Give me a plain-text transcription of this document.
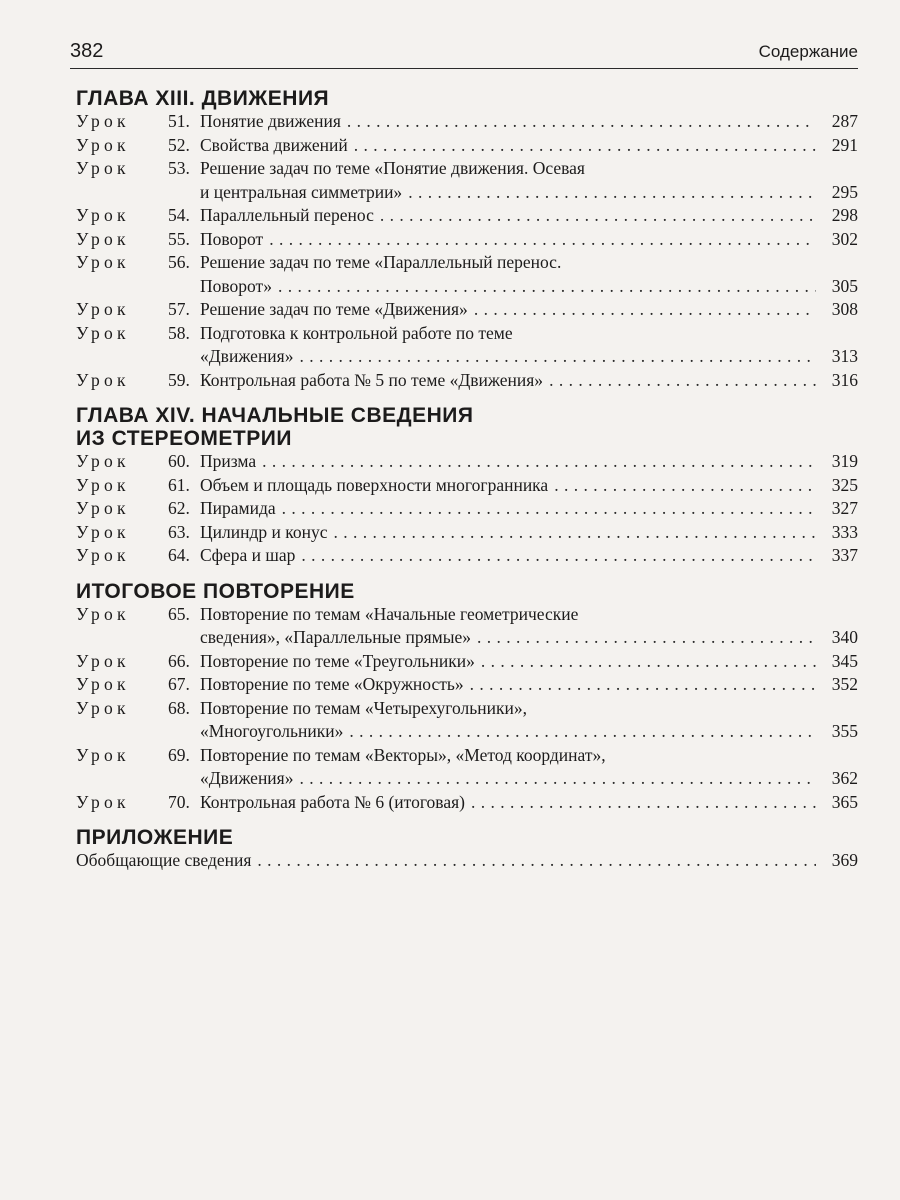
382	Содержание
ГЛАВА XIII. ДВИЖЕНИЯ
Урок	51. Понятие движения . . .	287
Урок	52. Свойства движений . . .	291
Урок	53. Решение задач по теме «Понятие движения. Осевая
и центральная симметрии» . . .	295
Урок	54. Параллельный перенос . . .	298
Урок	55. Поворот . . .	302
Урок	56. Решение задач по теме «Параллельный перенос.
Поворот» . . .	305
Урок	57. Решение задач по теме «Движения» . . .	308
Урок	58. Подготовка к контрольной работе по теме
«Движения» . . .	313
Урок	59. Контрольная работа № 5 по теме «Движения» . . .	316
ГЛАВА XIV. НАЧАЛЬНЫЕ СВЕДЕНИЯ
ИЗ СТЕРЕОМЕТРИИ
Урок	60. Призма . . .	319
Урок	61. Объем и площадь поверхности многогранника . . .	325
Урок	62. Пирамида . . .	327
Урок	63. Цилиндр и конус . . .	333
Урок	64. Сфера и шар . . .	337
ИТОГОВОЕ ПОВТОРЕНИЕ
Урок	65. Повторение по темам «Начальные геометрические
сведения», «Параллельные прямые» . . .	340
Урок	66. Повторение по теме «Треугольники» . . .	345
Урок	67. Повторение по теме «Окружность» . . .	352
Урок	68. Повторение по темам «Четырехугольники»,
«Многоугольники» . . .	355
Урок	69. Повторение по темам «Векторы», «Метод координат»,
«Движения» . . .	362
Урок	70. Контрольная работа № 6 (итоговая) . . .	365
ПРИЛОЖЕНИЕ
Обобщающие сведения . . .	369
